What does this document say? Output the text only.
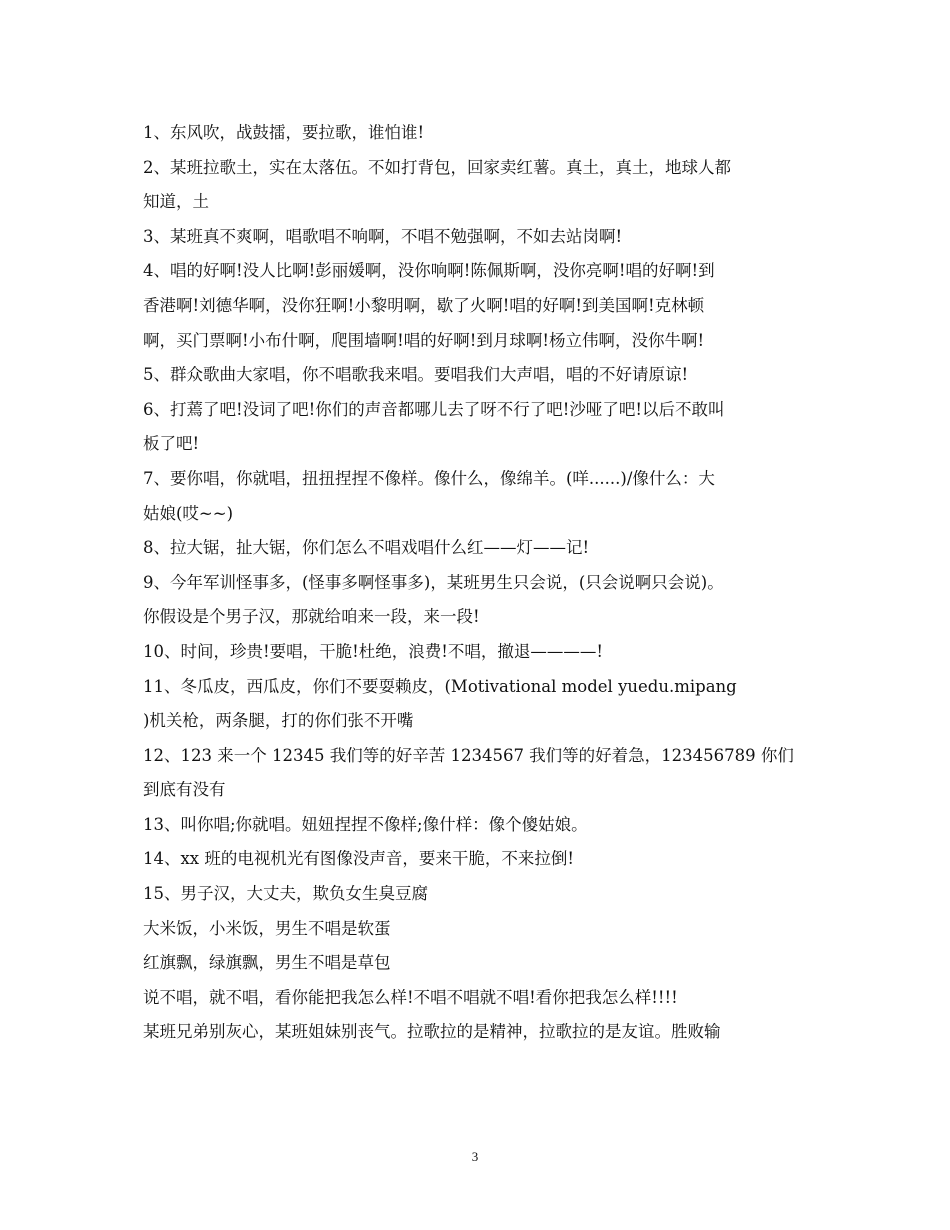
1、东风吹，战鼓擂，要拉歌，谁怕谁!
2、某班拉歌土，实在太落伍。不如打背包，回家卖红薯。真土，真土，地球人都
知道，土
3、某班真不爽啊，唱歌唱不响啊，不唱不勉强啊，不如去站岗啊!
4、唱的好啊!没人比啊!彭丽媛啊，没你响啊!陈佩斯啊，没你亮啊!唱的好啊!到
香港啊!刘德华啊，没你狂啊!小黎明啊，歇了火啊!唱的好啊!到美国啊!克林顿
啊，买门票啊!小布什啊，爬围墙啊!唱的好啊!到月球啊!杨立伟啊，没你牛啊!
5、群众歌曲大家唱，你不唱歌我来唱。要唱我们大声唱，唱的不好请原谅!
6、打蔫了吧!没词了吧!你们的声音都哪儿去了呀不行了吧!沙哑了吧!以后不敢叫
板了吧!
7、要你唱，你就唱，扭扭捏捏不像样。像什么，像绵羊。(咩......)/像什么：大
姑娘(哎~~)
8、拉大锯，扯大锯，你们怎么不唱戏唱什么红——灯——记!
9、今年军训怪事多，(怪事多啊怪事多)，某班男生只会说，(只会说啊只会说)。
你假设是个男子汉，那就给咱来一段，来一段!
10、时间，珍贵!要唱，干脆!杜绝，浪费!不唱，撤退————!
11、冬瓜皮，西瓜皮，你们不要耍赖皮，(Motivational model yuedu.mipang
)机关枪，两条腿，打的你们张不开嘴
12、123 来一个 12345 我们等的好辛苦 1234567 我们等的好着急，123456789 你们
到底有没有
13、叫你唱;你就唱。妞妞捏捏不像样;像什样：像个傻姑娘。
14、xx 班的电视机光有图像没声音，要来干脆，不来拉倒!
15、男子汉，大丈夫，欺负女生臭豆腐
大米饭，小米饭，男生不唱是软蛋
红旗飘，绿旗飘，男生不唱是草包
说不唱，就不唱，看你能把我怎么样!不唱不唱就不唱!看你把我怎么样!!!!
某班兄弟别灰心，某班姐妹别丧气。拉歌拉的是精神，拉歌拉的是友谊。胜败输
3
